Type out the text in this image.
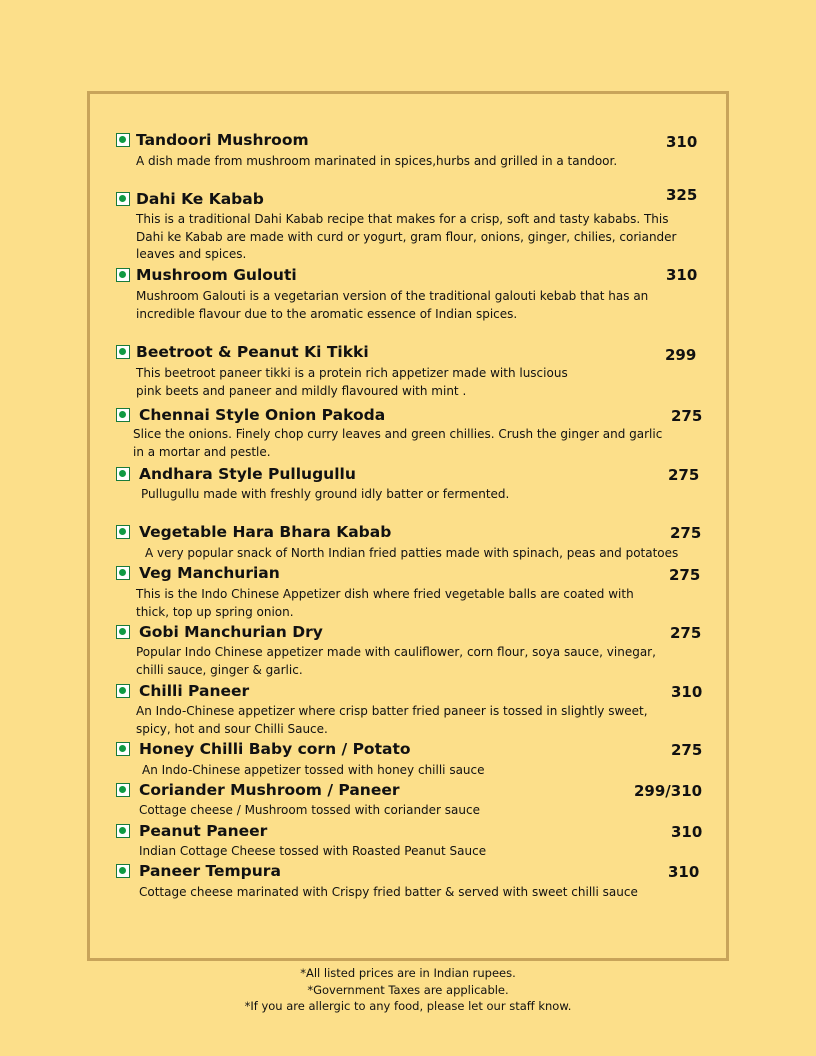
Tandoori Mushroom	310
A dish made from mushroom marinated in spices,hurbs and grilled in a tandoor.
Dahi Ke Kabab	325
This is a traditional Dahi Kabab recipe that makes for a crisp, soft and tasty kababs. This
Dahi ke Kabab are made with curd or yogurt, gram flour, onions, ginger, chilies, coriander
leaves and spices.
Mushroom Gulouti	310
Mushroom Galouti is a vegetarian version of the traditional galouti kebab that has an
incredible flavour due to the aromatic essence of Indian spices.
Beetroot & Peanut Ki Tikki	299
This beetroot paneer tikki is a protein rich appetizer made with luscious
pink beets and paneer and mildly flavoured with mint .
Chennai Style Onion Pakoda	275
Slice the onions. Finely chop curry leaves and green chillies. Crush the ginger and garlic
in a mortar and pestle.
Andhara Style Pullugullu	275
Pullugullu made with freshly ground idly batter or fermented.
Vegetable Hara Bhara Kabab	275
A very popular snack of North Indian fried patties made with spinach, peas and potatoes
Veg Manchurian	275
This is the Indo Chinese Appetizer dish where fried vegetable balls are coated with
thick, top up spring onion.
Gobi Manchurian Dry	275
Popular Indo Chinese appetizer made with cauliflower, corn flour, soya sauce, vinegar,
chilli sauce, ginger & garlic.
Chilli Paneer	310
An Indo-Chinese appetizer where crisp batter fried paneer is tossed in slightly sweet,
spicy, hot and sour Chilli Sauce.
Honey Chilli Baby corn / Potato	275
An Indo-Chinese appetizer tossed with honey chilli sauce
Coriander Mushroom / Paneer	299/310
Cottage cheese / Mushroom tossed with coriander sauce
Peanut Paneer	310
Indian Cottage Cheese tossed with Roasted Peanut Sauce
Paneer Tempura	310
Cottage cheese marinated with Crispy fried batter & served with sweet chilli sauce
*All listed prices are in Indian rupees.
*Government Taxes are applicable.
*If you are allergic to any food, please let our staff know.
